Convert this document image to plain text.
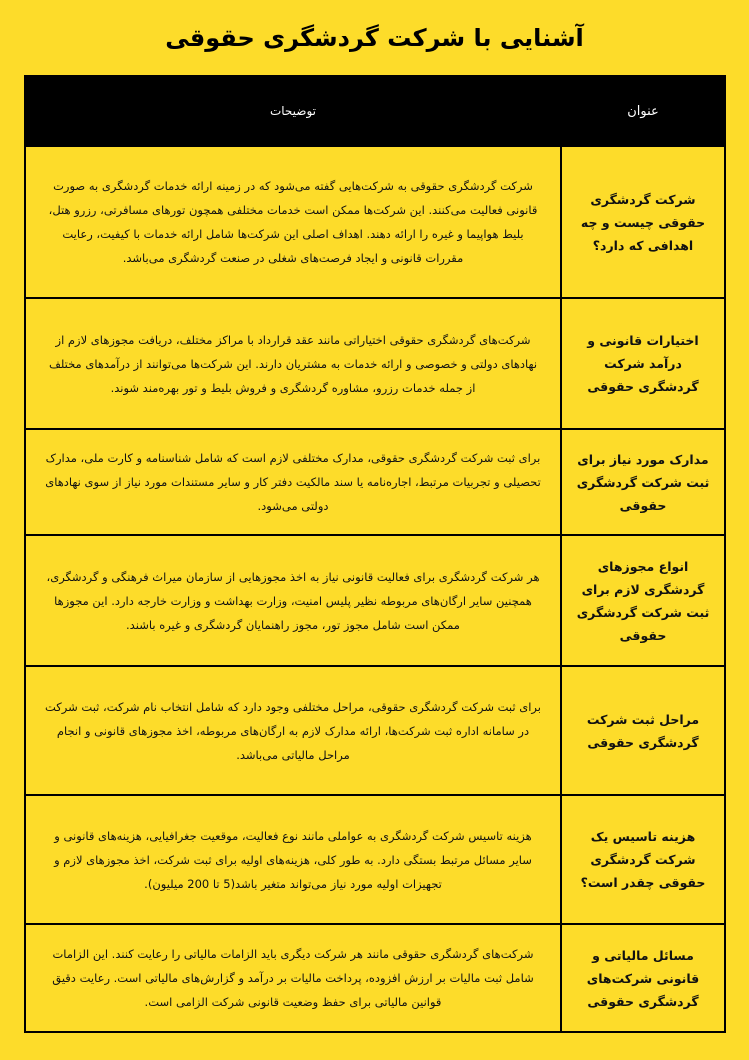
آشنایی با شرکت گردشگری حقوقی
عنوان	توضیحات
شرکت گردشگری حقوقی چیست و چه اهدافی که دارد؟	شرکت گردشگری حقوقی به شرکت‌هایی گفته می‌شود که در زمینه ارائه خدمات گردشگری به صورت قانونی فعالیت می‌کنند. این شرکت‌ها ممکن است خدمات مختلفی همچون تورهای مسافرتی، رزرو هتل، بلیط هواپیما و غیره را ارائه دهند. اهداف اصلی این شرکت‌ها شامل ارائه خدمات با کیفیت، رعایت مقررات قانونی و ایجاد فرصت‌های شغلی در صنعت گردشگری می‌باشد.
اختیارات قانونی و درآمد شرکت گردشگری حقوقی	شرکت‌های گردشگری حقوقی اختیاراتی مانند عقد قرارداد با مراکز مختلف، دریافت مجوزهای لازم از نهادهای دولتی و خصوصی و ارائه خدمات به مشتریان دارند. این شرکت‌ها می‌توانند از درآمدهای مختلف از جمله خدمات رزرو، مشاوره گردشگری و فروش بلیط و تور بهره‌مند شوند.
مدارک مورد نیاز برای ثبت شرکت گردشگری حقوقی	برای ثبت شرکت گردشگری حقوقی، مدارک مختلفی لازم است که شامل شناسنامه و کارت ملی، مدارک تحصیلی و تجربیات مرتبط، اجاره‌نامه یا سند مالکیت دفتر کار و سایر مستندات مورد نیاز از سوی نهادهای دولتی می‌شود.
انواع مجوزهای گردشگری لازم برای ثبت شرکت گردشگری حقوقی	هر شرکت گردشگری برای فعالیت قانونی نیاز به اخذ مجوزهایی از سازمان میراث فرهنگی و گردشگری، همچنین سایر ارگان‌های مربوطه نظیر پلیس امنیت، وزارت بهداشت و وزارت خارجه دارد. این مجوزها ممکن است شامل مجوز تور، مجوز راهنمایان گردشگری و غیره باشند.
مراحل ثبت شرکت گردشگری حقوقی	برای ثبت شرکت گردشگری حقوقی، مراحل مختلفی وجود دارد که شامل انتخاب نام شرکت، ثبت شرکت در سامانه اداره ثبت شرکت‌ها، ارائه مدارک لازم به ارگان‌های مربوطه، اخذ مجوزهای قانونی و انجام مراحل مالیاتی می‌باشد.
هزینه تاسیس یک شرکت گردشگری حقوقی چقدر است؟	هزینه تاسیس شرکت گردشگری به عواملی مانند نوع فعالیت، موقعیت جغرافیایی، هزینه‌های قانونی و سایر مسائل مرتبط بستگی دارد. به طور کلی، هزینه‌های اولیه برای ثبت شرکت، اخذ مجوزهای لازم و تجهیزات اولیه مورد نیاز می‌تواند متغیر باشد(5 تا 200 میلیون).
مسائل مالیاتی و قانونی شرکت‌های گردشگری حقوقی	شرکت‌های گردشگری حقوقی مانند هر شرکت دیگری باید الزامات مالیاتی را رعایت کنند. این الزامات شامل ثبت مالیات بر ارزش افزوده، پرداخت مالیات بر درآمد و گزارش‌های مالیاتی است. رعایت دقیق قوانین مالیاتی برای حفظ وضعیت قانونی شرکت الزامی است.
